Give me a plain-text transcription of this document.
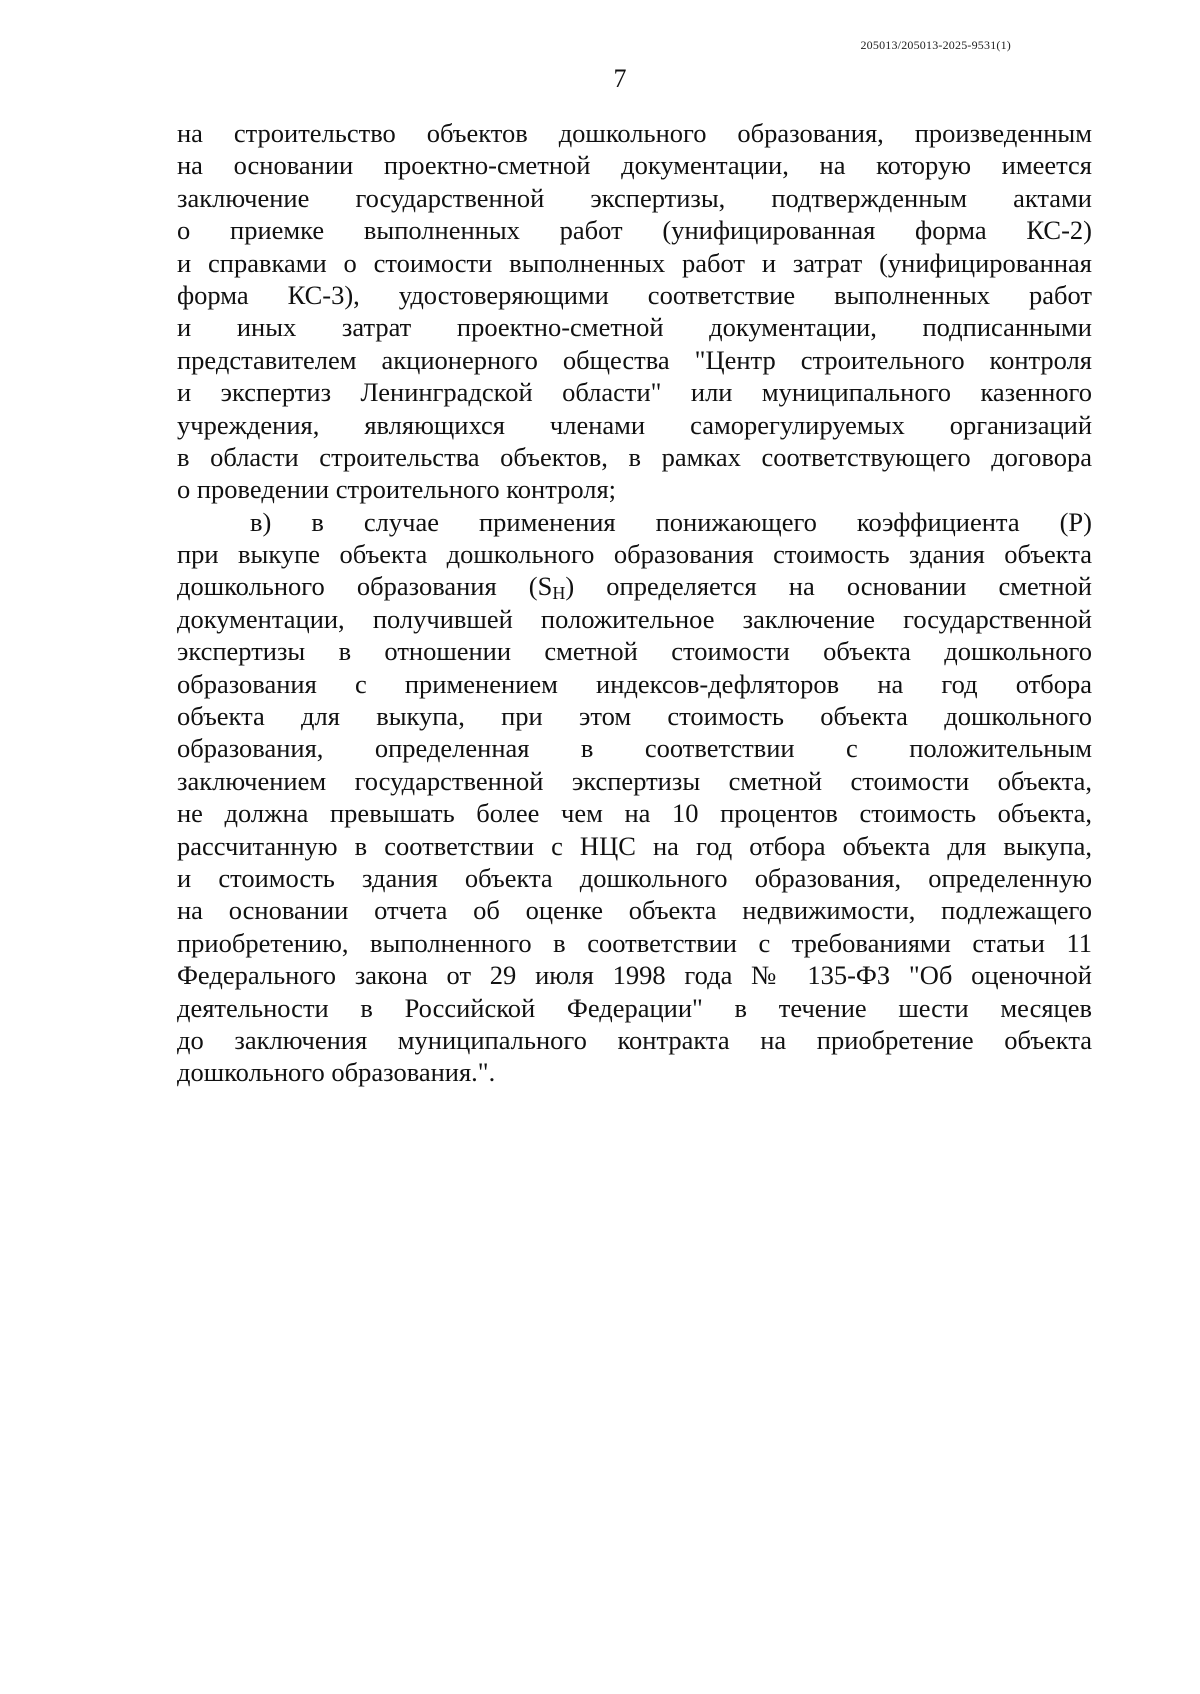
205013/205013-2025-9531(1)
7
на строительство объектов дошкольного образования, произведенным
на основании проектно-сметной документации, на которую имеется
заключение государственной экспертизы, подтвержденным актами
о приемке выполненных работ (унифицированная форма КС-2)
и справками о стоимости выполненных работ и затрат (унифицированная
форма КС-3), удостоверяющими соответствие выполненных работ
и иных затрат проектно-сметной документации, подписанными
представителем акционерного общества "Центр строительного контроля
и экспертиз Ленинградской области" или муниципального казенного
учреждения, являющихся членами саморегулируемых организаций
в области строительства объектов, в рамках соответствующего договора
о проведении строительного контроля;
в) в случае применения понижающего коэффициента (Р)
при выкупе объекта дошкольного образования стоимость здания объекта
дошкольного образования $(S_Н)$ определяется на основании сметной
документации, получившей положительное заключение государственной
экспертизы в отношении сметной стоимости объекта дошкольного
образования с применением индексов-дефляторов на год отбора
объекта для выкупа, при этом стоимость объекта дошкольного
образования, определенная в соответствии с положительным
заключением государственной экспертизы сметной стоимости объекта,
не должна превышать более чем на 10 процентов стоимость объекта,
рассчитанную в соответствии с НЦС на год отбора объекта для выкупа,
и стоимость здания объекта дошкольного образования, определенную
на основании отчета об оценке объекта недвижимости, подлежащего
приобретению, выполненного в соответствии с требованиями статьи 11
Федерального закона от 29 июля 1998 года № 135-ФЗ "Об оценочной
деятельности в Российской Федерации" в течение шести месяцев
до заключения муниципального контракта на приобретение объекта
дошкольного образования.".
